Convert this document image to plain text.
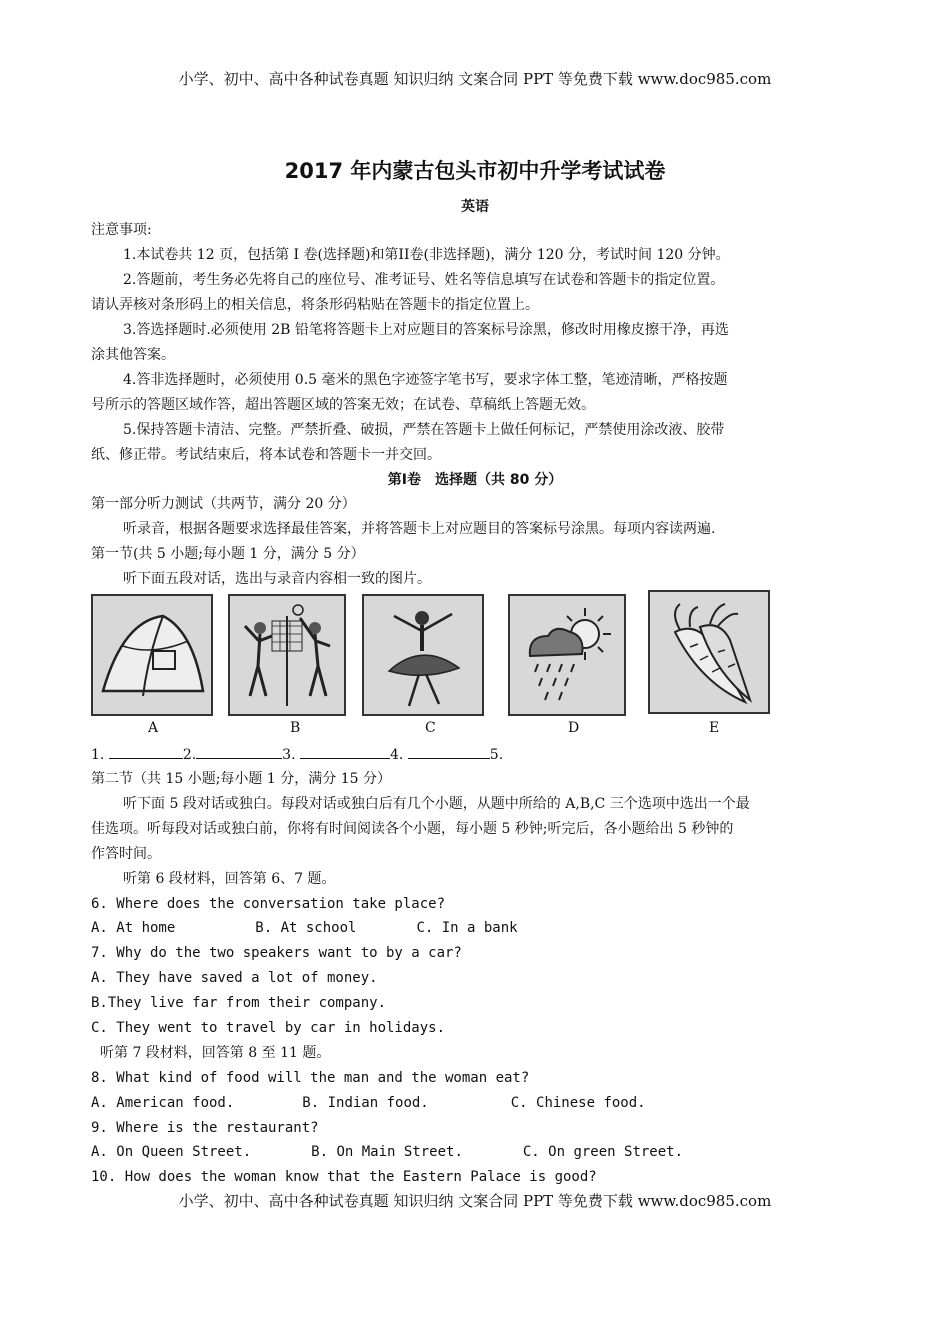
小学、初中、高中各种试卷真题 知识归纳 文案合同 PPT 等免费下载 www.doc985.com
2017 年内蒙古包头市初中升学考试试卷
英语
注意事项:
1.本试卷共 12 页，包括第 I 卷(选择题)和第II卷(非选择题)，满分 120 分，考试时间 120 分钟。
2.答题前，考生务必先将自己的座位号、准考证号、姓名等信息填写在试卷和答题卡的指定位置。
请认弄核对条形码上的相关信息，将条形码粘贴在答题卡的指定位置上。
3.答选择题时.必须使用 2B 铅笔将答题卡上对应题目的答案标号涂黑，修改时用橡皮擦干净，再选
涂其他答案。
4.答非选择题时，必须使用 0.5 毫米的黑色字迹签字笔书写，要求字体工整，笔迹清晰，严格按题
号所示的答题区域作答，超出答题区域的答案无效；在试卷、草稿纸上答题无效。
5.保持答题卡清洁、完整。严禁折叠、破损，严禁在答题卡上做任何标记，严禁使用涂改液、胶带
纸、修正带。考试结束后，将本试卷和答题卡一并交回。
第Ⅰ卷　选择题（共 80 分）
第一部分听力测试（共两节，满分 20 分）
听录音，根据各题要求选择最佳答案，并将答题卡上对应题目的答案标号涂黑。每项内容读两遍.
第一节(共 5 小题;每小题 1 分，满分 5 分）
听下面五段对话，选出与录音内容相一致的图片。
A	B	C	D	E
1.	2.	3.	4.	5.
第二节（共 15 小题;每小题 1 分，满分 15 分）
听下面 5 段对话或独白。每段对话或独白后有几个小题，从题中所给的 A,B,C 三个选项中选出一个最
佳选项。听每段对话或独白前，你将有时间阅读各个小题，每小题 5 秒钟;听完后，各小题给出 5 秒钟的
作答时间。
听第 6 段材料，回答第 6、7 题。
6. Where does the conversation take place?
A. At home	B. At school	C. In a bank
7. Why do the two speakers want to by a car?
A. They have saved a lot of money.
B.They live far from their company.
C. They went to travel by car in holidays.
听第 7 段材料，回答第 8 至 11 题。
8. What kind of food will the man and the woman eat?
A. American food.	B. Indian food.	C. Chinese food.
9. Where is the restaurant?
A. On Queen Street.	B. On Main Street.	C. On green Street.
10. How does the woman know that the Eastern Palace is good?
小学、初中、高中各种试卷真题 知识归纳 文案合同 PPT 等免费下载 www.doc985.com
